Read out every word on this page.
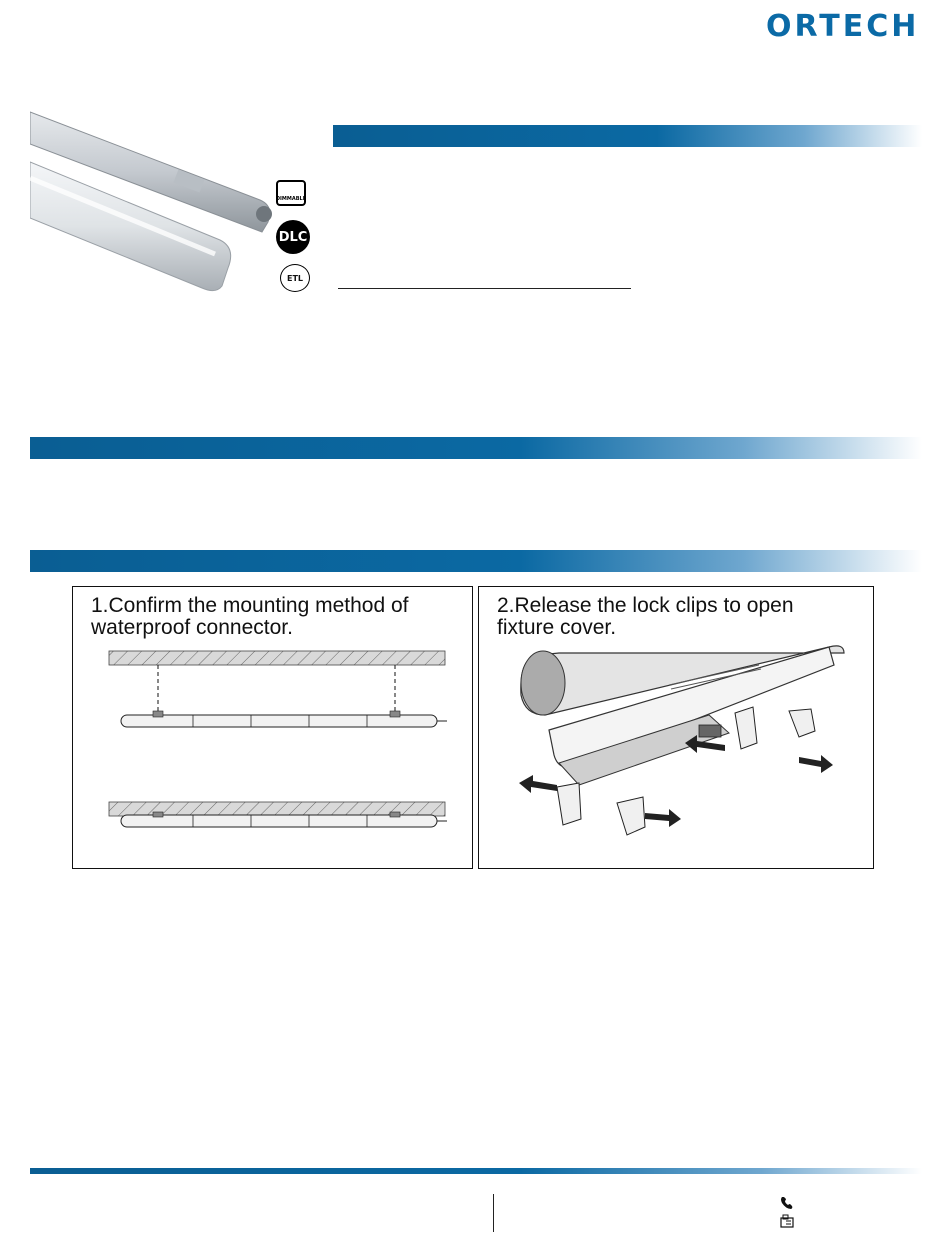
ORTECH
DIMMABLE
DLC
ETL
1.Confirm the mounting method of
waterproof connector.
2.Release the lock clips to open
fixture cover.
